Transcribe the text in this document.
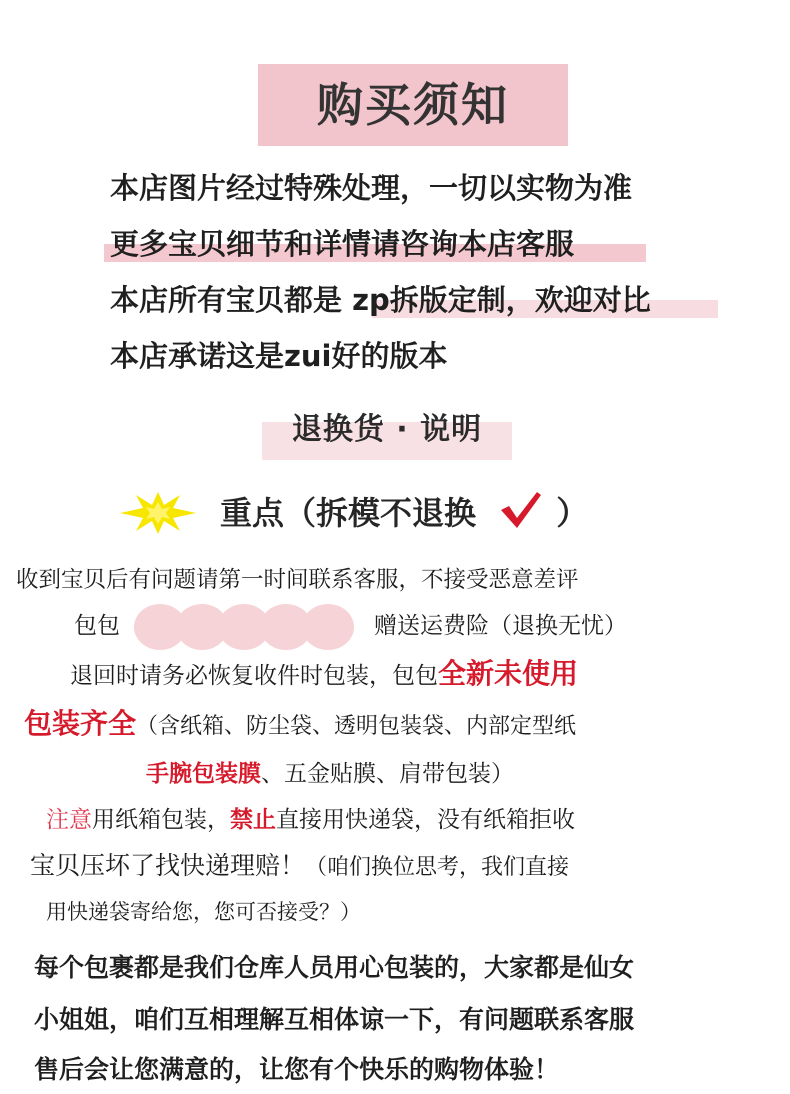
购买须知
本店图片经过特殊处理，一切以实物为准
更多宝贝细节和详情请咨询本店客服
本店所有宝贝都是 zp拆版定制，欢迎对比
本店承诺这是zui好的版本
退换货 · 说明
重点（拆模不退换	）
收到宝贝后有问题请第一时间联系客服，不接受恶意差评
包包	赠送运费险（退换无忧）
退回时请务必恢复收件时包装，包包全新未使用
包装齐全（含纸箱、防尘袋、透明包装袋、内部定型纸
手腕包装膜、五金贴膜、肩带包装）
注意用纸箱包装，禁止直接用快递袋，没有纸箱拒收
宝贝压坏了找快递理赔！（咱们换位思考，我们直接
用快递袋寄给您，您可否接受？）
每个包裹都是我们仓库人员用心包装的，大家都是仙女
小姐姐，咱们互相理解互相体谅一下，有问题联系客服
售后会让您满意的，让您有个快乐的购物体验！
